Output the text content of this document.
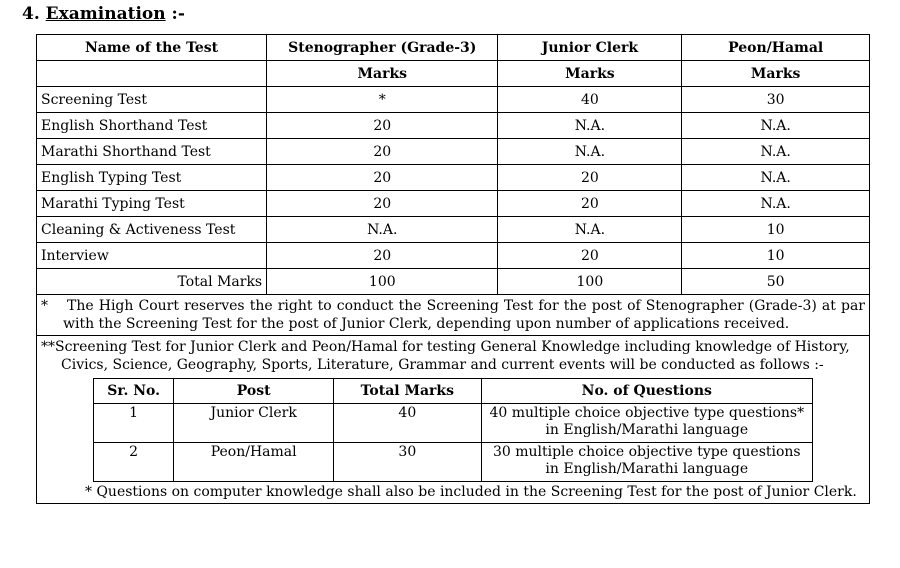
4. Examination :-
Name of the Test	Stenographer (Grade-3)	Junior Clerk	Peon/Hamal
	Marks	Marks	Marks
Screening Test	*	40	30
English Shorthand Test	20	N.A.	N.A.
Marathi Shorthand Test	20	N.A.	N.A.
English Typing Test	20	20	N.A.
Marathi Typing Test	20	20	N.A.
Cleaning & Activeness Test	N.A.	N.A.	10
Interview	20	20	10
Total Marks	100	100	50

* The High Court reserves the right to conduct the Screening Test for the post of Stenographer (Grade-3) at par with the Screening Test for the post of Junior Clerk, depending upon number of applications received.

**Screening Test for Junior Clerk and Peon/Hamal for testing General Knowledge including knowledge of History, Civics, Science, Geography, Sports, Literature, Grammar and current events will be conducted as follows :-
Sr. No.	Post	Total Marks	No. of Questions
1	Junior Clerk	40	40 multiple choice objective type questions* in English/Marathi language
2	Peon/Hamal	30	30 multiple choice objective type questions in English/Marathi language
* Questions on computer knowledge shall also be included in the Screening Test for the post of Junior Clerk.
